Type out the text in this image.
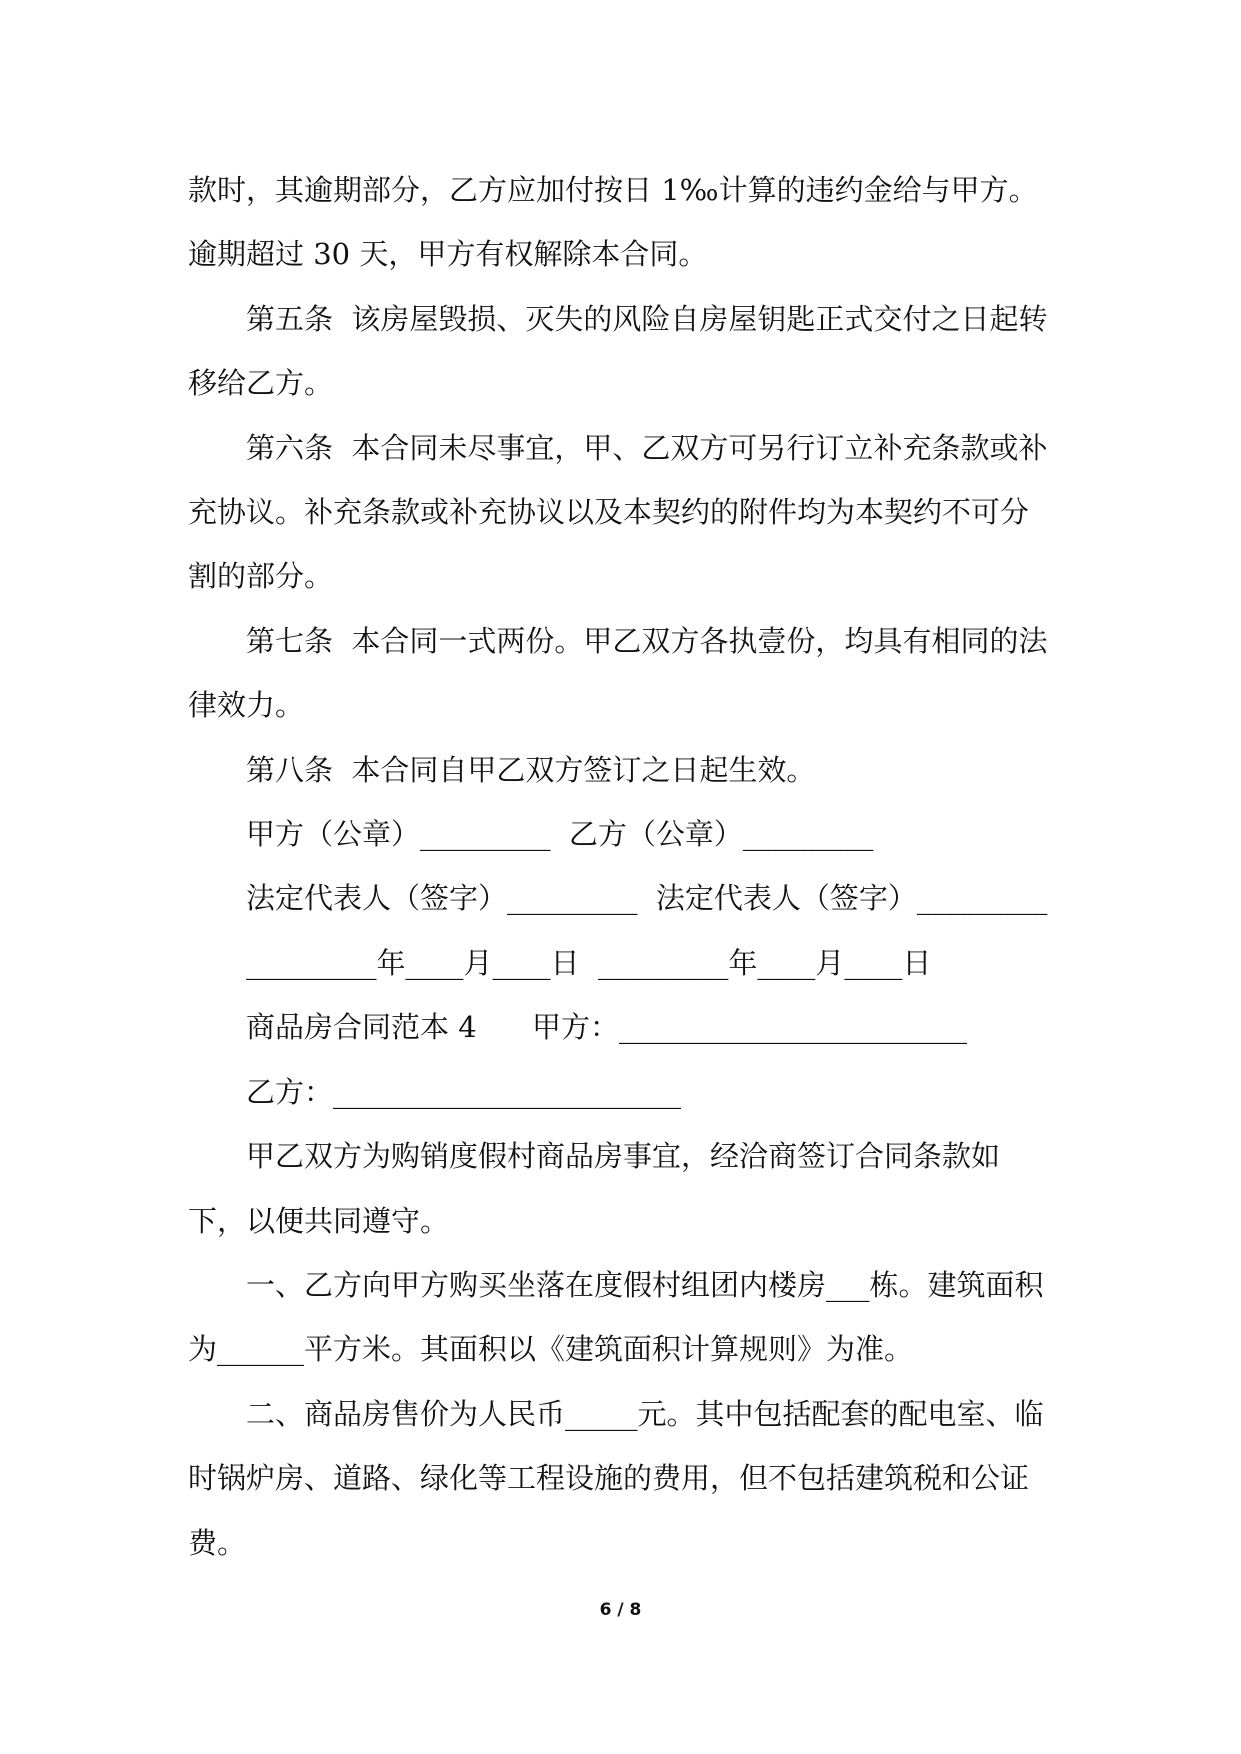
款时，其逾期部分，乙方应加付按日 1‰计算的违约金给与甲方。逾期超过 30 天，甲方有权解除本合同。

第五条  该房屋毁损、灭失的风险自房屋钥匙正式交付之日起转移给乙方。

第六条  本合同未尽事宜，甲、乙双方可另行订立补充条款或补充协议。补充条款或补充协议以及本契约的附件均为本契约不可分割的部分。

第七条  本合同一式两份。甲乙双方各执壹份，均具有相同的法律效力。

第八条  本合同自甲乙双方签订之日起生效。

甲方（公章）_________  乙方（公章）_________

法定代表人（签字）_________  法定代表人（签字）_________

_________年____月____日  _________年____月____日

商品房合同范本 4      甲方：________________________

乙方：________________________

甲乙双方为购销度假村商品房事宜，经洽商签订合同条款如下，以便共同遵守。

一、乙方向甲方购买坐落在度假村组团内楼房___栋。建筑面积为______平方米。其面积以《建筑面积计算规则》为准。

二、商品房售价为人民币_____元。其中包括配套的配电室、临时锅炉房、道路、绿化等工程设施的费用，但不包括建筑税和公证费。

6 / 8
